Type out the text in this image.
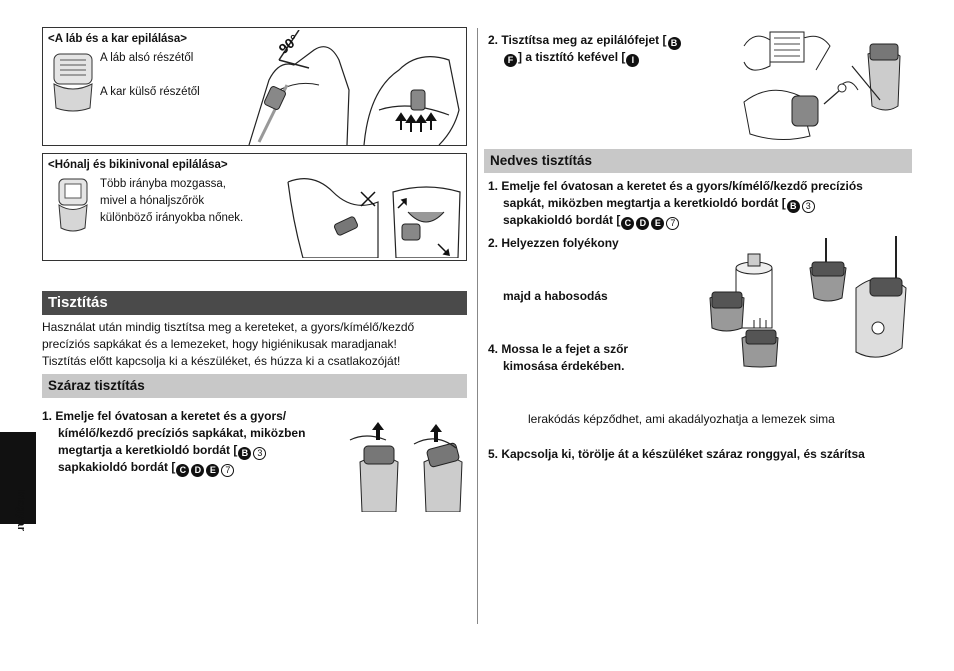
<A láb és a kar epilálása>
A láb alsó részétől
A kar külső részétől
90°
<Hónalj és bikinivonal epilálása>
Több irányba mozgassa,
mivel a hónaljszőrök
különböző irányokba nőnek.
Tisztítás
Használat után mindig tisztítsa meg a kereteket, a gyors/kímélő/kezdő
precíziós sapkákat és a lemezeket, hogy higiénikusak maradjanak!
Tisztítás előtt kapcsolja ki a készüléket, és húzza ki a csatlakozóját!
Száraz tisztítás
1. Emelje fel óvatosan a keretet és a gyors/
kímélő/kezdő precíziós sapkákat, miközben
megtartja a keretkioldó bordát [ B 3
sapkakioldó bordát [ C D E 7
Magyar
2. Tisztítsa meg az epilálófejet [ B
F ] a tisztító kefével [ I
Nedves tisztítás
1. Emelje fel óvatosan a keretet és a gyors/kímélő/kezdő precíziós
sapkát, miközben megtartja a keretkioldó bordát [ B 3
sapkakioldó bordát [ C D E 7
2. Helyezzen folyékony
majd a habosodás
4. Mossa le a fejet a szőr
kimosása érdekében.
lerakódás képződhet, ami akadályozhatja a lemezek sima
5. Kapcsolja ki, törölje át a készüléket száraz ronggyal, és szárítsa
